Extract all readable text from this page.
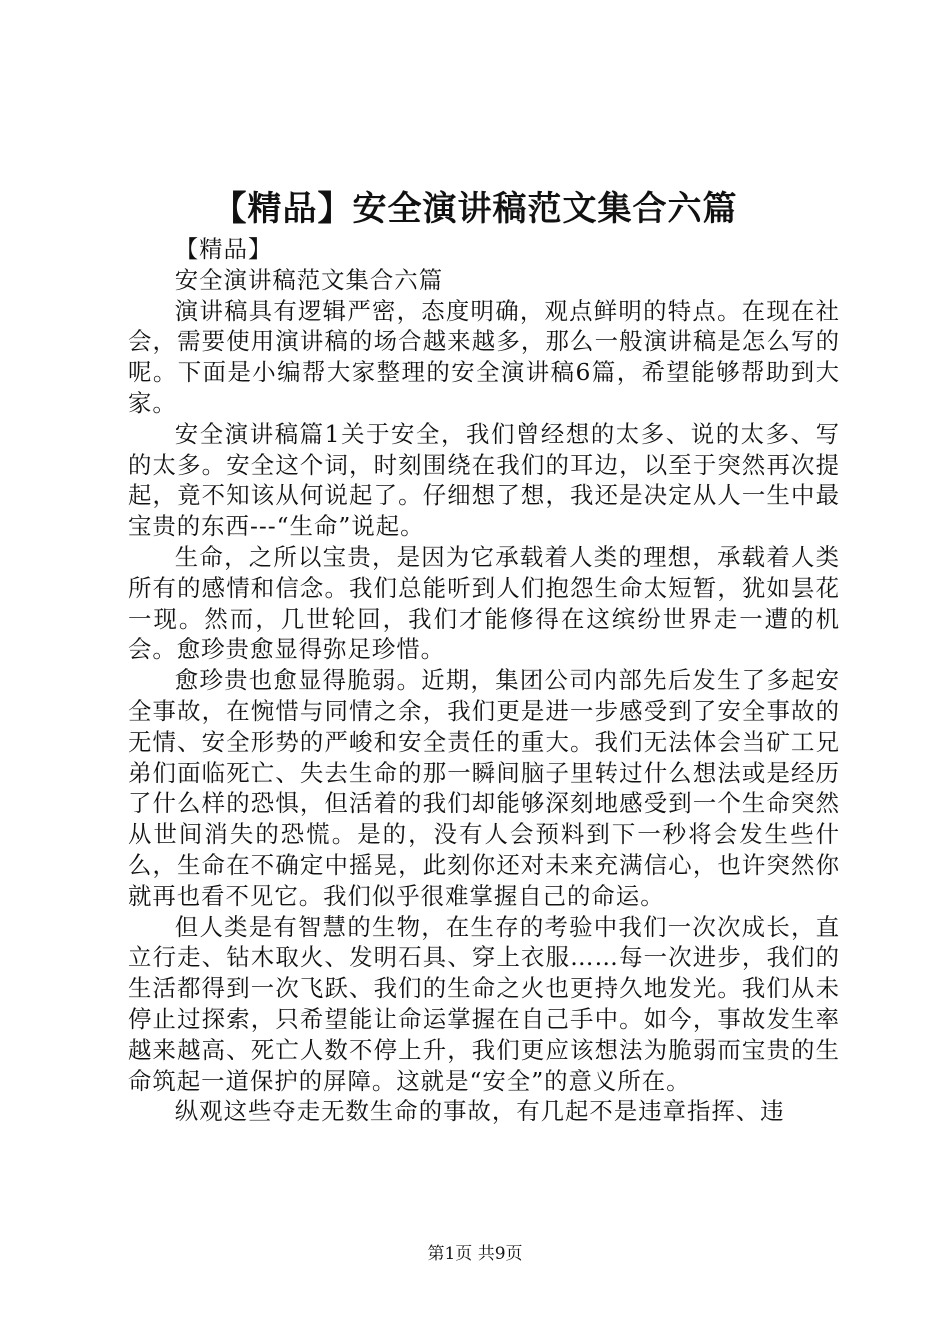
【精品】安全演讲稿范文集合六篇

【精品】

安全演讲稿范文集合六篇

演讲稿具有逻辑严密，态度明确，观点鲜明的特点。在现在社会，需要使用演讲稿的场合越来越多，那么一般演讲稿是怎么写的呢。下面是小编帮大家整理的安全演讲稿6篇，希望能够帮助到大家。

安全演讲稿篇1关于安全，我们曾经想的太多、说的太多、写的太多。安全这个词，时刻围绕在我们的耳边，以至于突然再次提起，竟不知该从何说起了。仔细想了想，我还是决定从人一生中最宝贵的东西---“生命”说起。

生命，之所以宝贵，是因为它承载着人类的理想，承载着人类所有的感情和信念。我们总能听到人们抱怨生命太短暂，犹如昙花一现。然而，几世轮回，我们才能修得在这缤纷世界走一遭的机会。愈珍贵愈显得弥足珍惜。

愈珍贵也愈显得脆弱。近期，集团公司内部先后发生了多起安全事故，在惋惜与同情之余，我们更是进一步感受到了安全事故的无情、安全形势的严峻和安全责任的重大。我们无法体会当矿工兄弟们面临死亡、失去生命的那一瞬间脑子里转过什么想法或是经历了什么样的恐惧，但活着的我们却能够深刻地感受到一个生命突然从世间消失的恐慌。是的，没有人会预料到下一秒将会发生些什么，生命在不确定中摇晃，此刻你还对未来充满信心，也许突然你就再也看不见它。我们似乎很难掌握自己的命运。

但人类是有智慧的生物，在生存的考验中我们一次次成长，直立行走、钻木取火、发明石具、穿上衣服……每一次进步，我们的生活都得到一次飞跃、我们的生命之火也更持久地发光。我们从未停止过探索，只希望能让命运掌握在自己手中。如今，事故发生率越来越高、死亡人数不停上升，我们更应该想法为脆弱而宝贵的生命筑起一道保护的屏障。这就是“安全”的意义所在。

纵观这些夺走无数生命的事故，有几起不是违章指挥、违

第1页 共9页
